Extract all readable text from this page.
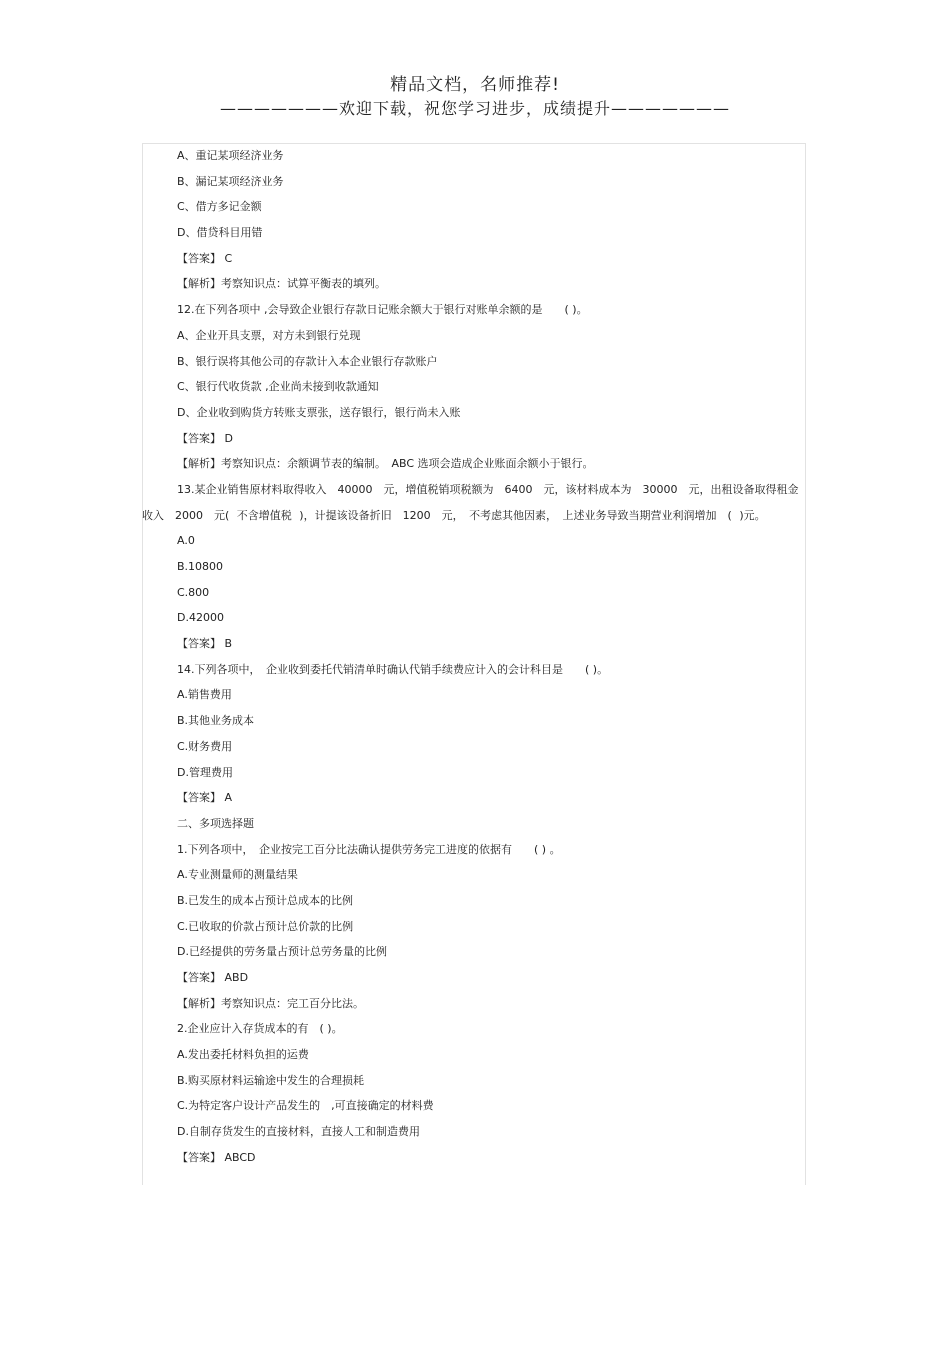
精品文档，名师推荐!
———————欢迎下载，祝您学习进步，成绩提升———————
A、重记某项经济业务
B、漏记某项经济业务
C、借方多记金额
D、借贷科目用错
【答案】 C
【解析】考察知识点：试算平衡表的填列。
12.在下列各项中 ,会导致企业银行存款日记账余额大于银行对账单余额的是　　( )。
A、企业开具支票，对方未到银行兑现
B、银行误将其他公司的存款计入本企业银行存款账户
C、银行代收货款 ,企业尚未接到收款通知
D、企业收到购货方转账支票张，送存银行，银行尚未入账
【答案】 D
【解析】考察知识点：余额调节表的编制。　ABC 选项会造成企业账面余额小于银行。
13.某企业销售原材料取得收入　40000　元，增值税销项税额为　6400　元，该材料成本为　30000　元，出租设备取得租金收入　2000　元( 不含增值税 )，计提该设备折旧　1200　元，　不考虑其他因素，　上述业务导致当期营业利润增加　( )元。
A.0
B.10800
C.800
D.42000
【答案】 B
14.下列各项中，　企业收到委托代销清单时确认代销手续费应计入的会计科目是　　( )。
A.销售费用
B.其他业务成本
C.财务费用
D.管理费用
【答案】 A
二、多项选择题
1.下列各项中，　企业按完工百分比法确认提供劳务完工进度的依据有　　( ) 。
A.专业测量师的测量结果
B.已发生的成本占预计总成本的比例
C.已收取的价款占预计总价款的比例
D.已经提供的劳务量占预计总劳务量的比例
【答案】 ABD
【解析】考察知识点：完工百分比法。
2.企业应计入存货成本的有　( )。
A.发出委托材料负担的运费
B.购买原材料运输途中发生的合理损耗
C.为特定客户设计产品发生的　,可直接确定的材料费
D.自制存货发生的直接材料，直接人工和制造费用
【答案】 ABCD
